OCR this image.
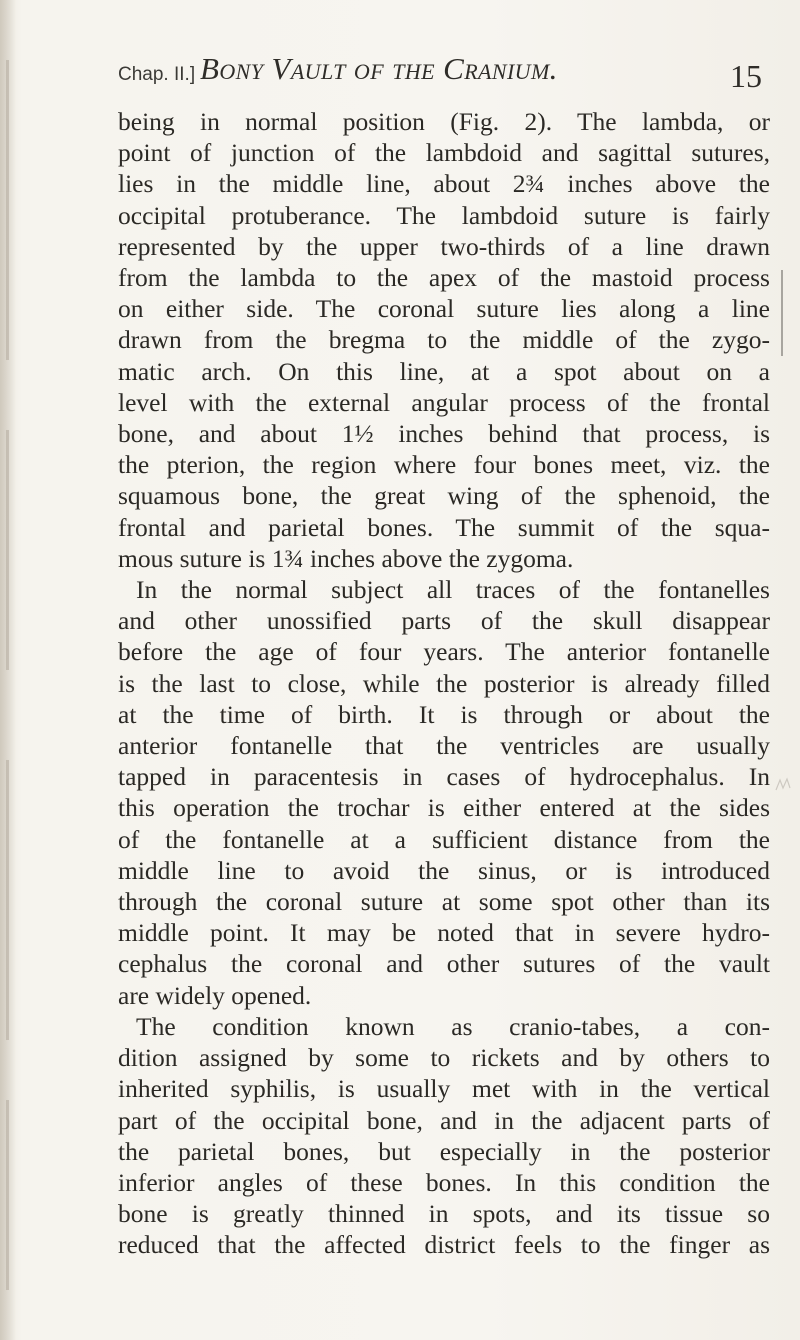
Chap. II.] Bony Vault of the Cranium.	15
being in normal position (Fig. 2). The lambda, or
point of junction of the lambdoid and sagittal sutures,
lies in the middle line, about 2¾ inches above the
occipital protuberance. The lambdoid suture is fairly
represented by the upper two-thirds of a line drawn
from the lambda to the apex of the mastoid process
on either side. The coronal suture lies along a line
drawn from the bregma to the middle of the zygo-
matic arch. On this line, at a spot about on a
level with the external angular process of the frontal
bone, and about 1½ inches behind that process, is
the pterion, the region where four bones meet, viz. the
squamous bone, the great wing of the sphenoid, the
frontal and parietal bones. The summit of the squa-
mous suture is 1¾ inches above the zygoma.
In the normal subject all traces of the fontanelles
and other unossified parts of the skull disappear
before the age of four years. The anterior fontanelle
is the last to close, while the posterior is already filled
at the time of birth. It is through or about the
anterior fontanelle that the ventricles are usually
tapped in paracentesis in cases of hydrocephalus. In
this operation the trochar is either entered at the sides
of the fontanelle at a sufficient distance from the
middle line to avoid the sinus, or is introduced
through the coronal suture at some spot other than its
middle point. It may be noted that in severe hydro-
cephalus the coronal and other sutures of the vault
are widely opened.
The condition known as cranio-tabes, a con-
dition assigned by some to rickets and by others to
inherited syphilis, is usually met with in the vertical
part of the occipital bone, and in the adjacent parts of
the parietal bones, but especially in the posterior
inferior angles of these bones. In this condition the
bone is greatly thinned in spots, and its tissue so
reduced that the affected district feels to the finger as
